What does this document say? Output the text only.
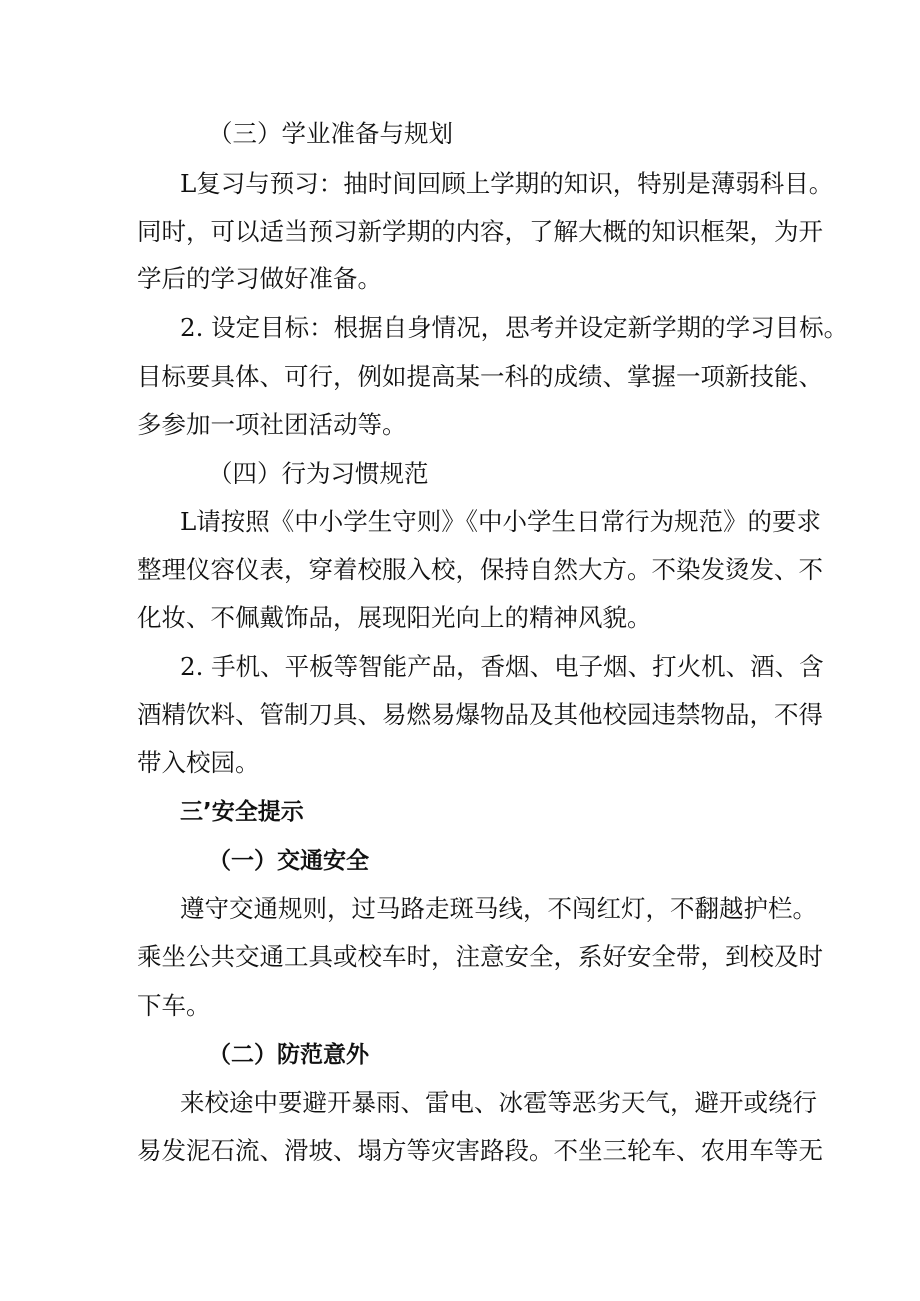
（三）学业准备与规划
L复习与预习：抽时间回顾上学期的知识，特别是薄弱科目。
同时，可以适当预习新学期的内容，了解大概的知识框架，为开
学后的学习做好准备。
2. 设定目标：根据自身情况，思考并设定新学期的学习目标。
目标要具体、可行，例如提高某一科的成绩、掌握一项新技能、
多参加一项社团活动等。
（四）行为习惯规范
L请按照《中小学生守则》《中小学生日常行为规范》的要求
整理仪容仪表，穿着校服入校，保持自然大方。不染发烫发、不
化妆、不佩戴饰品，展现阳光向上的精神风貌。
2. 手机、平板等智能产品，香烟、电子烟、打火机、酒、含
酒精饮料、管制刀具、易燃易爆物品及其他校园违禁物品，不得
带入校园。
三’安全提示
（一）交通安全
遵守交通规则，过马路走斑马线，不闯红灯，不翻越护栏。
乘坐公共交通工具或校车时，注意安全，系好安全带，到校及时
下车。
（二）防范意外
来校途中要避开暴雨、雷电、冰雹等恶劣天气，避开或绕行
易发泥石流、滑坡、塌方等灾害路段。不坐三轮车、农用车等无
